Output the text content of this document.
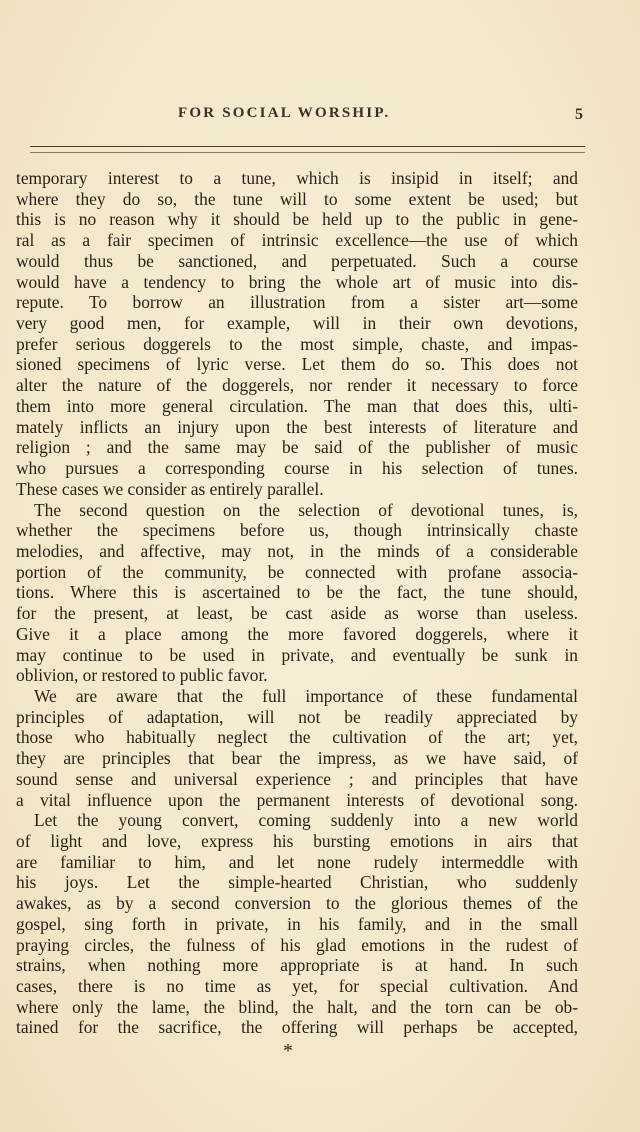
FOR SOCIAL WORSHIP.	5
temporary interest to a tune, which is insipid in itself; and
where they do so, the tune will to some extent be used; but
this is no reason why it should be held up to the public in gene-
ral as a fair specimen of intrinsic excellence—the use of which
would thus be sanctioned, and perpetuated. Such a course
would have a tendency to bring the whole art of music into dis-
repute. To borrow an illustration from a sister art—some
very good men, for example, will in their own devotions,
prefer serious doggerels to the most simple, chaste, and impas-
sioned specimens of lyric verse. Let them do so. This does not
alter the nature of the doggerels, nor render it necessary to force
them into more general circulation. The man that does this, ulti-
mately inflicts an injury upon the best interests of literature and
religion ; and the same may be said of the publisher of music
who pursues a corresponding course in his selection of tunes.
These cases we consider as entirely parallel.
The second question on the selection of devotional tunes, is,
whether the specimens before us, though intrinsically chaste
melodies, and affective, may not, in the minds of a considerable
portion of the community, be connected with profane associa-
tions. Where this is ascertained to be the fact, the tune should,
for the present, at least, be cast aside as worse than useless.
Give it a place among the more favored doggerels, where it
may continue to be used in private, and eventually be sunk in
oblivion, or restored to public favor.
We are aware that the full importance of these fundamental
principles of adaptation, will not be readily appreciated by
those who habitually neglect the cultivation of the art; yet,
they are principles that bear the impress, as we have said, of
sound sense and universal experience ; and principles that have
a vital influence upon the permanent interests of devotional song.
Let the young convert, coming suddenly into a new world
of light and love, express his bursting emotions in airs that
are familiar to him, and let none rudely intermeddle with
his joys. Let the simple-hearted Christian, who suddenly
awakes, as by a second conversion to the glorious themes of the
gospel, sing forth in private, in his family, and in the small
praying circles, the fulness of his glad emotions in the rudest of
strains, when nothing more appropriate is at hand. In such
cases, there is no time as yet, for special cultivation. And
where only the lame, the blind, the halt, and the torn can be ob-
tained for the sacrifice, the offering will perhaps be accepted,
*
